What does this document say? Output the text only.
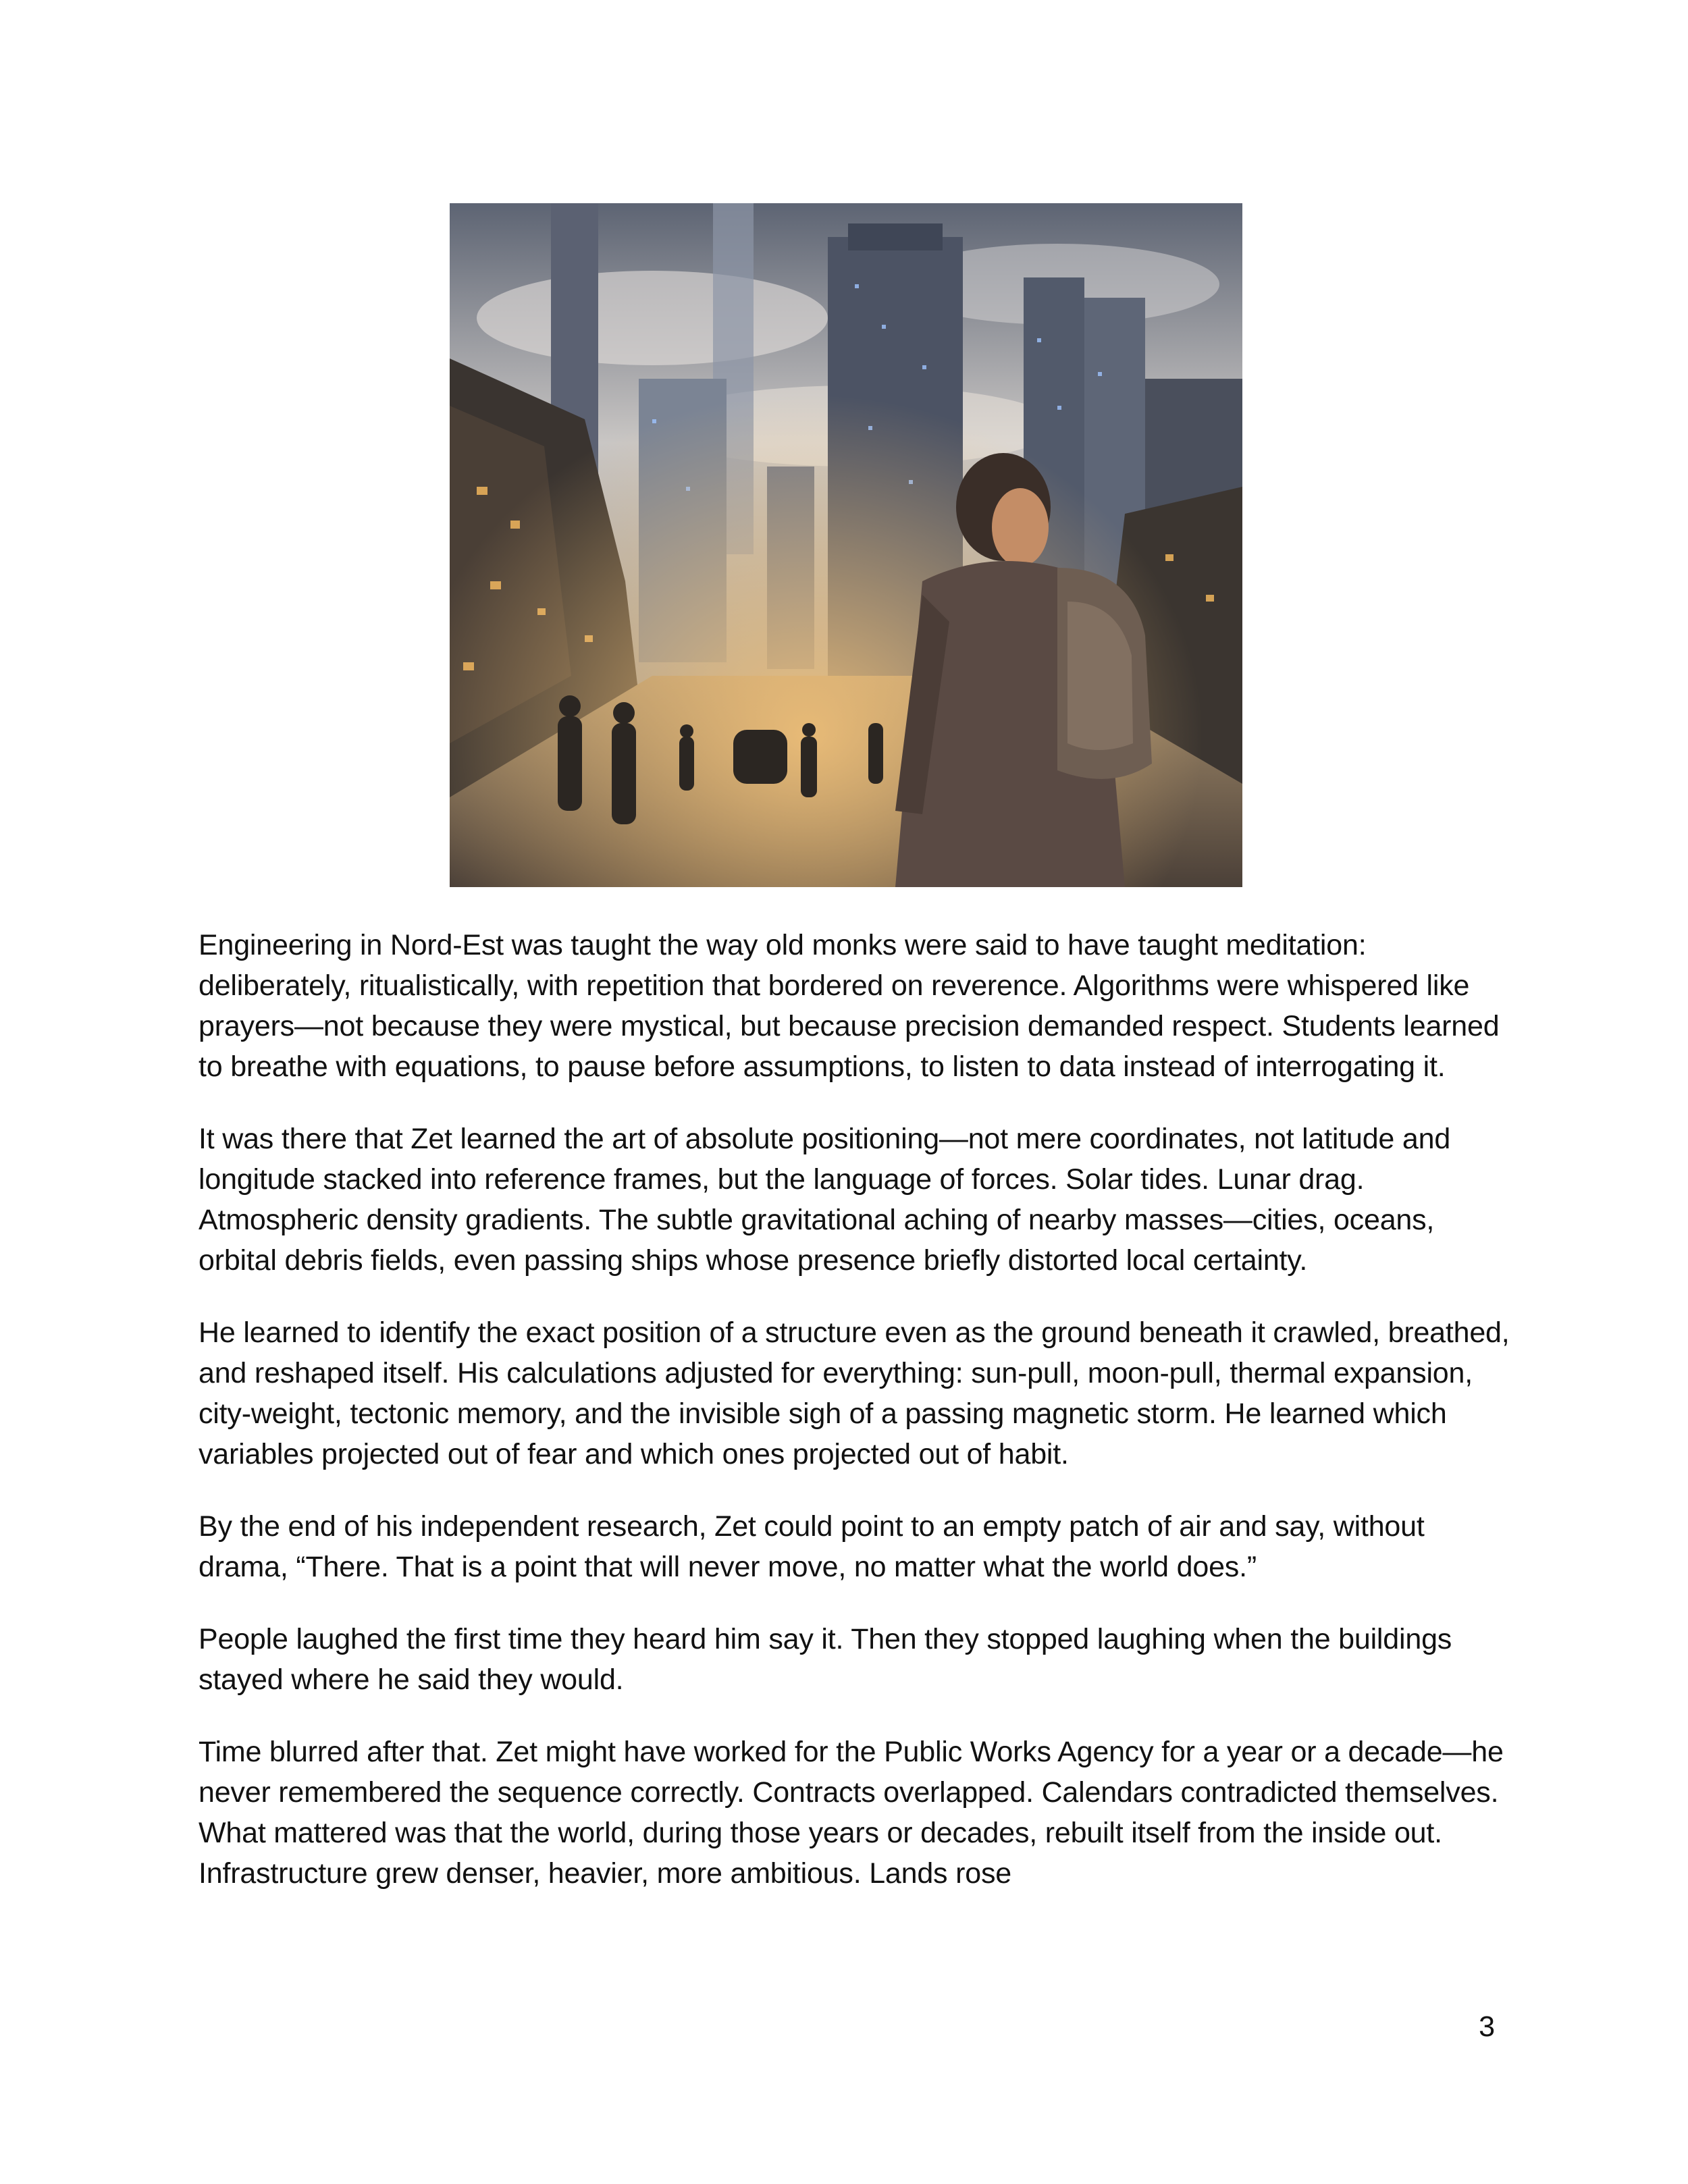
Engineering in Nord-Est was taught the way old monks were said to have taught meditation: deliberately, ritualistically, with repetition that bordered on reverence. Algorithms were whispered like prayers—not because they were mystical, but because precision demanded respect. Students learned to breathe with equations, to pause before assumptions, to listen to data instead of interrogating it.

It was there that Zet learned the art of absolute positioning—not mere coordinates, not latitude and longitude stacked into reference frames, but the language of forces. Solar tides. Lunar drag. Atmospheric density gradients. The subtle gravitational aching of nearby masses—cities, oceans, orbital debris fields, even passing ships whose presence briefly distorted local certainty.

He learned to identify the exact position of a structure even as the ground beneath it crawled, breathed, and reshaped itself. His calculations adjusted for everything: sun-pull, moon-pull, thermal expansion, city-weight, tectonic memory, and the invisible sigh of a passing magnetic storm. He learned which variables projected out of fear and which ones projected out of habit.

By the end of his independent research, Zet could point to an empty patch of air and say, without drama, “There. That is a point that will never move, no matter what the world does.”

People laughed the first time they heard him say it. Then they stopped laughing when the buildings stayed where he said they would.

Time blurred after that. Zet might have worked for the Public Works Agency for a year or a decade—he never remembered the sequence correctly. Contracts overlapped. Calendars contradicted themselves. What mattered was that the world, during those years or decades, rebuilt itself from the inside out. Infrastructure grew denser, heavier, more ambitious. Lands rose

3
